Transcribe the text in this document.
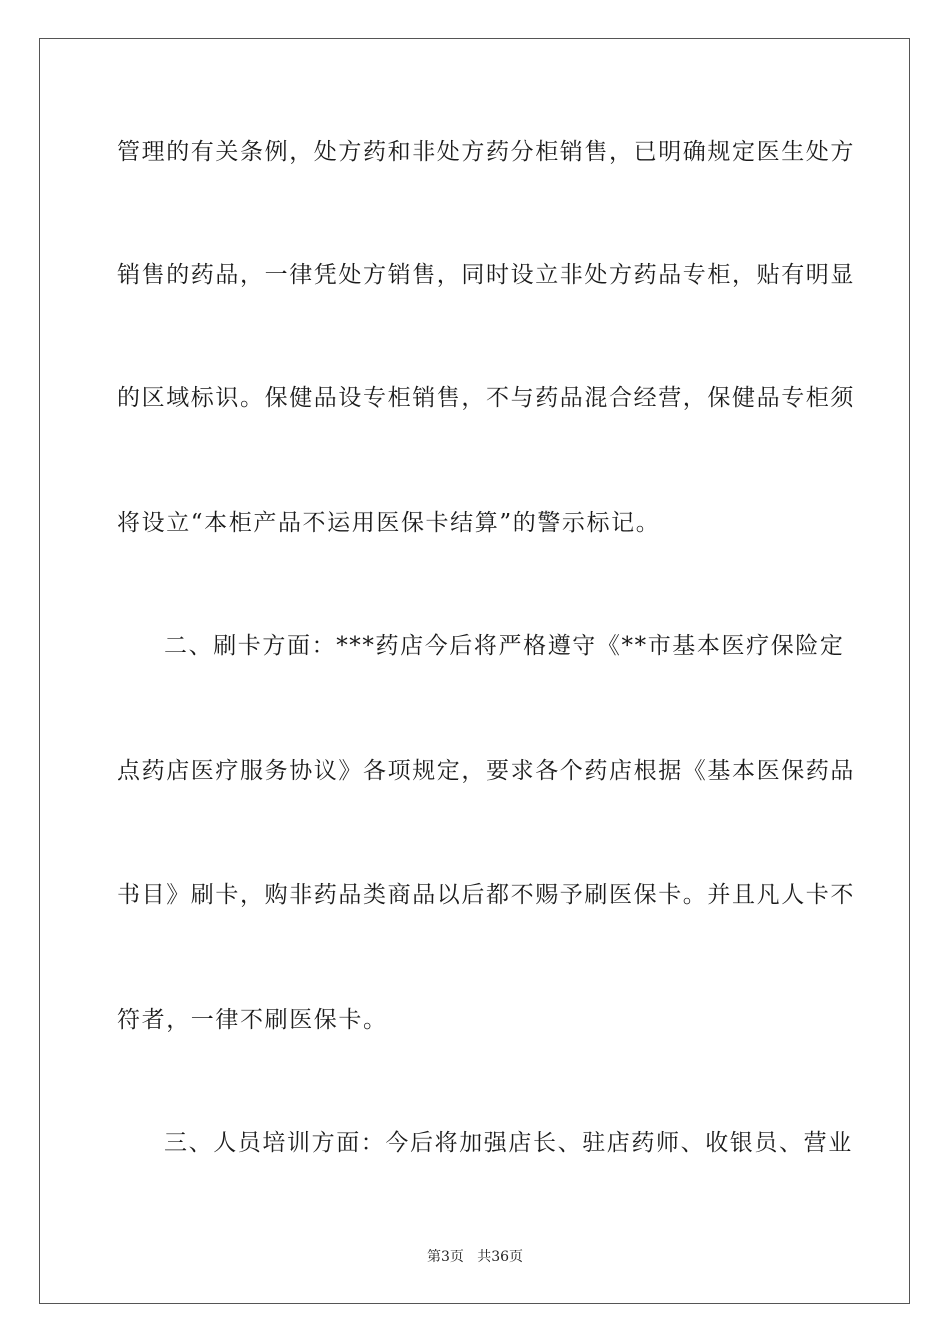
管理的有关条例，处方药和非处方药分柜销售，已明确规定医生处方
销售的药品，一律凭处方销售，同时设立非处方药品专柜，贴有明显
的区域标识。保健品设专柜销售，不与药品混合经营，保健品专柜须
将设立“本柜产品不运用医保卡结算”的警示标记。
二、刷卡方面：***药店今后将严格遵守《**市基本医疗保险定
点药店医疗服务协议》各项规定，要求各个药店根据《基本医保药品
书目》刷卡，购非药品类商品以后都不赐予刷医保卡。并且凡人卡不
符者，一律不刷医保卡。
三、人员培训方面：今后将加强店长、驻店药师、收银员、营业
第3页   共36页
